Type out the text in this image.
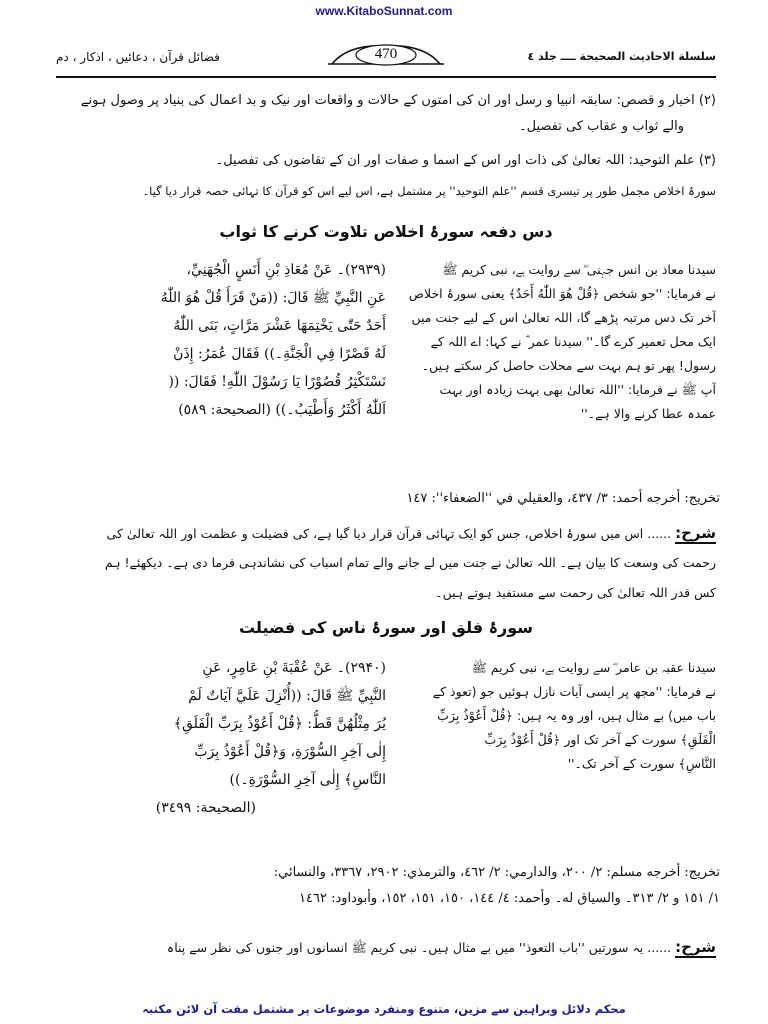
www.KitaboSunnat.com
فضائل قرآن ، دعائیں ، اذکار ، دم	470	سلسلة الاحاديث الصحيحة ــــ جلد ٤
(۲) اخبار و قصص: سابقہ انبیا و رسل اور ان کی امتوں کے حالات و واقعات اور نیک و بد اعمال کی بنیاد پر وصول ہونے
والے ثواب و عقاب کی تفصیل۔
(۳) علم التوحید: اللہ تعالیٰ کی ذات اور اس کے اسما و صفات اور ان کے تقاضوں کی تفصیل۔
سورۂ اخلاص مجمل طور پر تیسری قسم ''علم التوحید'' پر مشتمل ہے، اس لیے اس کو قرآن کا تہائی حصہ قرار دیا گیا۔
دس دفعہ سورۂ اخلاص تلاوت کرنے کا ثواب
(۲۹۳۹)۔ عَنْ مُعَاذِ بْنِ أَنَسٍ الْجُهَنِيِّ،
عَنِ النَّبِيِّ ﷺ قَالَ: ((مَنْ قَرَأَ قُلْ هُوَ اللّٰهُ
أَحَدٌ حَتّٰى يَخْتِمَهَا عَشْرَ مَرَّاتٍ، بَنَى اللّٰهُ
لَهُ قَصْرًا فِي الْجَنَّةِ۔)) فَقَالَ عُمَرُ: إِذَنْ
نَسْتَكْثِرُ قُصُوْرًا يَا رَسُوْلَ اللّٰهِ! فَقَالَ: ((
اَللّٰهُ أَكْثَرُ وَأَطْيَبُ۔)) (الصحيحة: ٥٨٩)
سیدنا معاذ بن انس جہنی ؓ سے روایت ہے، نبی کریم ﷺ
نے فرمایا: ''جو شخص ﴿قُلْ هُوَ اللّٰهُ أَحَدٌ﴾ یعنی سورۂ اخلاص
آخر تک دس مرتبہ پڑھے گا، اللہ تعالیٰ اس کے لیے جنت میں
ایک محل تعمیر کرے گا۔'' سیدنا عمر ؓ نے کہا: اے اللہ کے
رسول! پھر تو ہم بہت سے محلات حاصل کر سکتے ہیں۔
آپ ﷺ نے فرمایا: ''اللہ تعالیٰ بھی بہت زیادہ اور بہت
عمدہ عطا کرنے والا ہے۔''
تخريج: أخرجه أحمد: ٣/ ٤٣٧، والعقيلي في ''الضعفاء'': ١٤٧
شرح: ...... اس میں سورۂ اخلاص، جس کو ایک تہائی قرآن قرار دیا گیا ہے، کی فضیلت و عظمت اور اللہ تعالیٰ کی
رحمت کی وسعت کا بیان ہے۔ اللہ تعالیٰ نے جنت میں لے جانے والے تمام اسباب کی نشاندہی فرما دی ہے۔ دیکھئے! ہم
کس قدر اللہ تعالیٰ کی رحمت سے مستفید ہوتے ہیں۔
سورۂ فلق اور سورۂ ناس کی فضیلت
(۲۹۴۰)۔ عَنْ عُقْبَةَ بْنِ عَامِرٍ، عَنِ
النَّبِيِّ ﷺ قَالَ: ((أُنْزِلَ عَلَيَّ آيَاتٌ لَمْ
يُرَ مِثْلُهُنَّ قَطُّ: ﴿قُلْ أَعُوْذُ بِرَبِّ الْفَلَقِ﴾
إِلٰى آخِرِ السُّوْرَةِ، وَ﴿قُلْ أَعُوْذُ بِرَبِّ
النَّاسِ﴾ إِلٰى آخِرِ السُّوْرَةِ۔))
(الصحيحة: ٣٤٩٩)
سیدنا عقبہ بن عامر ؓ سے روایت ہے، نبی کریم ﷺ
نے فرمایا: ''مجھ پر ایسی آیات نازل ہوئیں جو (تعوذ کے
باب میں) بے مثال ہیں، اور وہ یہ ہیں: ﴿قُلْ أَعُوْذُ بِرَبِّ
الْفَلَقِ﴾ سورت کے آخر تک اور ﴿قُلْ أَعُوْذُ بِرَبِّ
النَّاسِ﴾ سورت کے آخر تک۔''
تخريج: أخرجه مسلم: ٢/ ٢٠٠، والدارمي: ٢/ ٤٦٢، والترمذي: ٢٩٠٢، ٣٣٦٧، والنسائي:
١/ ١٥١ و ٢/ ٣١٣۔ والسياق له۔ وأحمد: ٤/ ١٤٤، ١٥٠، ١٥١، ١٥٢، وأبوداود: ١٤٦٢
شرح: ...... یہ سورتیں ''باب التعوذ'' میں بے مثال ہیں۔ نبی کریم ﷺ انسانوں اور جنوں کی نظر سے پناہ
محکم دلائل وبراہین سے مزین، متنوع ومنفرد موضوعات پر مشتمل مفت آن لائن مکتبہ
